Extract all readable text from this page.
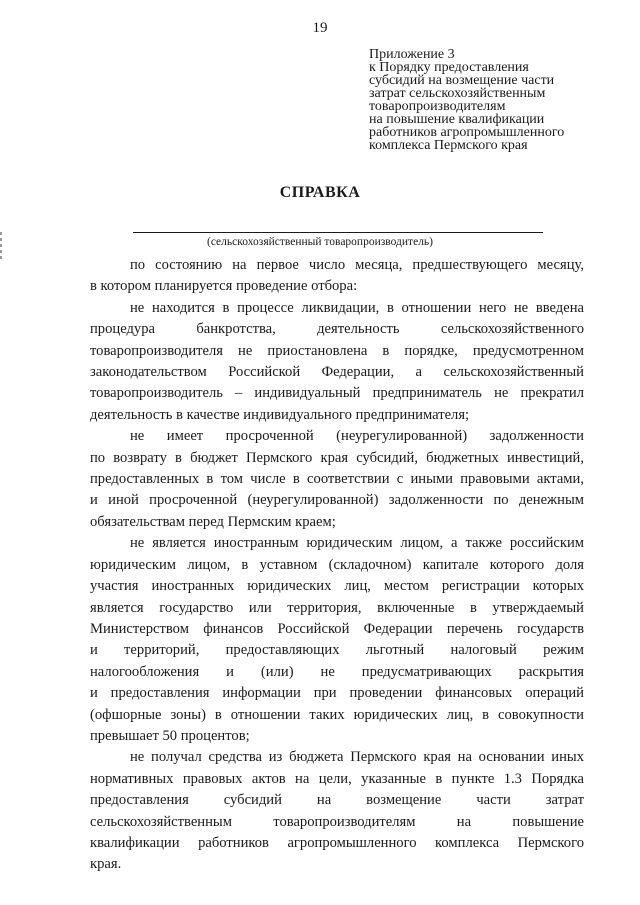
19
Приложение 3
к Порядку предоставления
субсидий на возмещение части
затрат сельскохозяйственным
товаропроизводителям
на повышение квалификации
работников агропромышленного
комплекса Пермского края
СПРАВКА
(сельскохозяйственный товаропроизводитель)
по состоянию на первое число месяца, предшествующего месяцу,
в котором планируется проведение отбора:
не находится в процессе ликвидации, в отношении него не введена
процедура банкротства, деятельность сельскохозяйственного
товаропроизводителя не приостановлена в порядке, предусмотренном
законодательством Российской Федерации, а сельскохозяйственный
товаропроизводитель – индивидуальный предприниматель не прекратил
деятельность в качестве индивидуального предпринимателя;
не имеет просроченной (неурегулированной) задолженности
по возврату в бюджет Пермского края субсидий, бюджетных инвестиций,
предоставленных в том числе в соответствии с иными правовыми актами,
и иной просроченной (неурегулированной) задолженности по денежным
обязательствам перед Пермским краем;
не является иностранным юридическим лицом, а также российским
юридическим лицом, в уставном (складочном) капитале которого доля
участия иностранных юридических лиц, местом регистрации которых
является государство или территория, включенные в утверждаемый
Министерством финансов Российской Федерации перечень государств
и территорий, предоставляющих льготный налоговый режим
налогообложения и (или) не предусматривающих раскрытия
и предоставления информации при проведении финансовых операций
(офшорные зоны) в отношении таких юридических лиц, в совокупности
превышает 50 процентов;
не получал средства из бюджета Пермского края на основании иных
нормативных правовых актов на цели, указанные в пункте 1.3 Порядка
предоставления субсидий на возмещение части затрат
сельскохозяйственным товаропроизводителям на повышение
квалификации работников агропромышленного комплекса Пермского
края.
